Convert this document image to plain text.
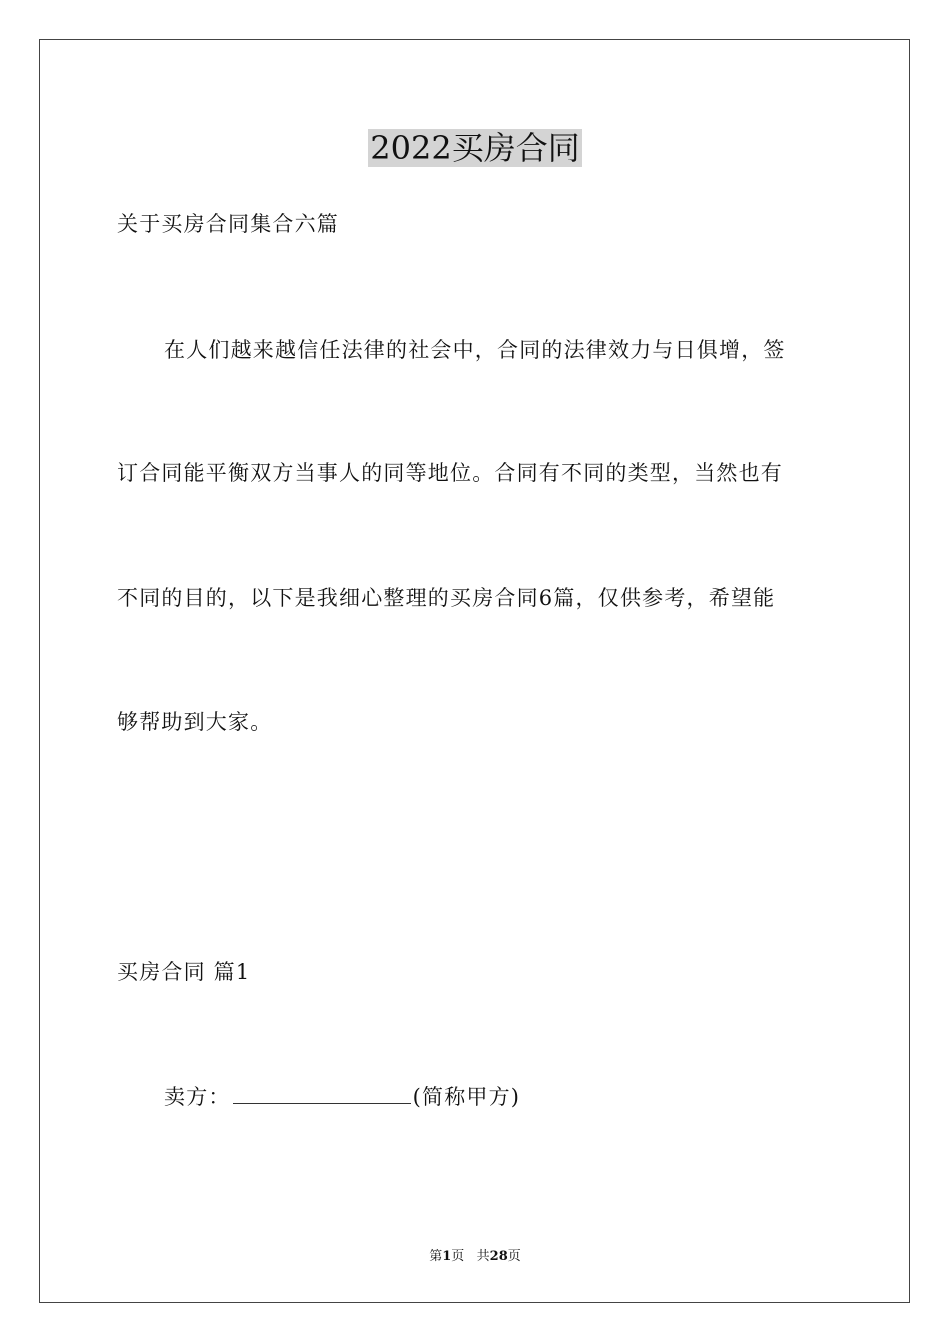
2022买房合同
关于买房合同集合六篇
在人们越来越信任法律的社会中，合同的法律效力与日俱增，签
订合同能平衡双方当事人的同等地位。合同有不同的类型，当然也有
不同的目的，以下是我细心整理的买房合同6篇，仅供参考，希望能
够帮助到大家。
买房合同 篇1
卖方：	(简称甲方)
第1页   共28页
